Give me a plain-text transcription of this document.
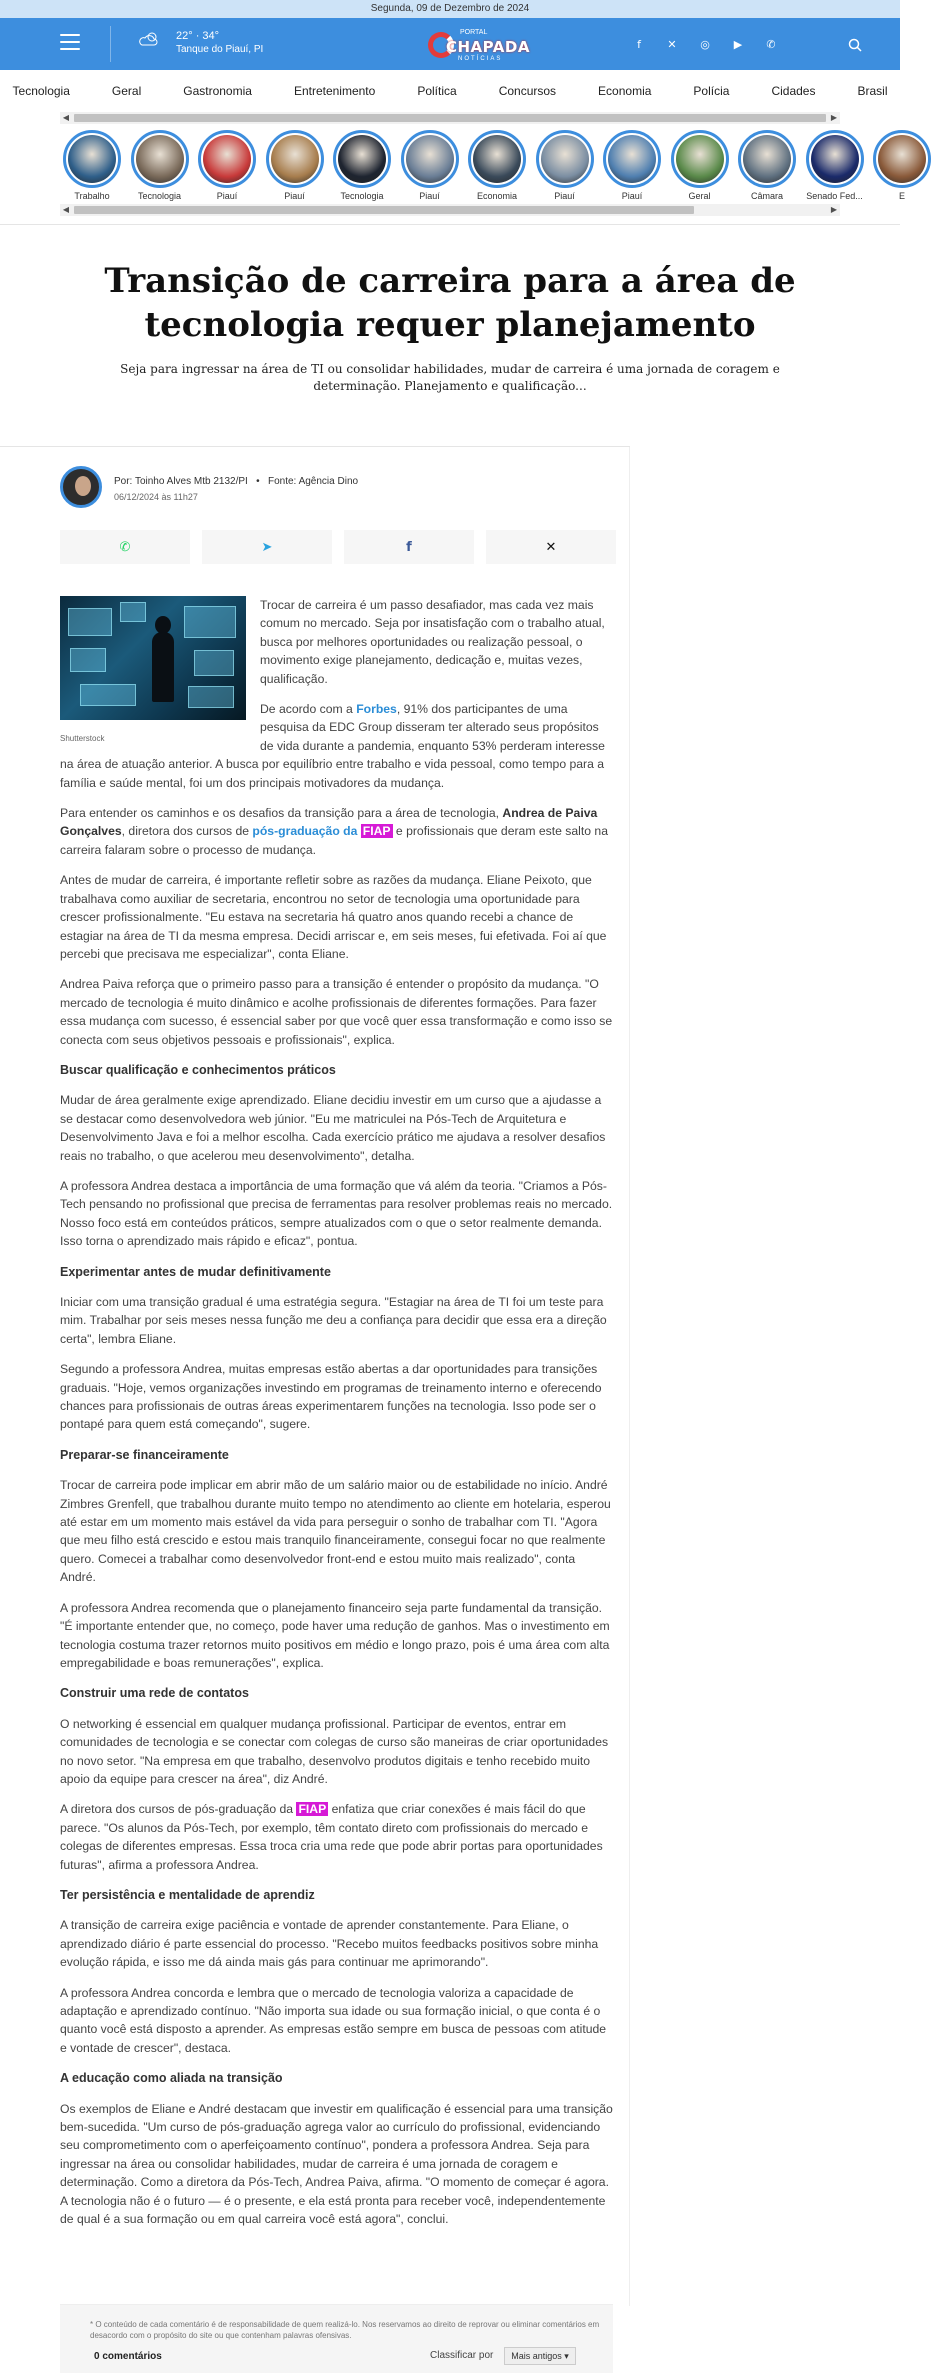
Segunda, 09 de Dezembro de 2024
22° · 34°
Tanque do Piauí, PI
PORTAL
CHAPADA
NOTÍCIAS
f	✕	◎	▶	✆
Tecnologia	Geral	Gastronomia	Entretenimento	Política	Concursos	Economia	Polícia	Cidades	Brasil
◀	▶
Trabalho	Tecnologia	Piauí	Piauí	Tecnologia	Piauí	Economia	Piauí	Piauí	Geral	Câmara	Senado Fed...	E
◀	▶
Transição de carreira para a área de tecnologia requer planejamento

Seja para ingressar na área de TI ou consolidar habilidades, mudar de carreira é uma jornada de coragem e determinação. Planejamento e qualificação...

Por: Toinho Alves Mtb 2132/PI   •   Fonte: Agência Dino
06/12/2024 às 11h27
✆	➤	f	✕
Shutterstock

Trocar de carreira é um passo desafiador, mas cada vez mais comum no mercado. Seja por insatisfação com o trabalho atual, busca por melhores oportunidades ou realização pessoal, o movimento exige planejamento, dedicação e, muitas vezes, qualificação.

De acordo com a Forbes, 91% dos participantes de uma pesquisa da EDC Group disseram ter alterado seus propósitos de vida durante a pandemia, enquanto 53% perderam interesse na área de atuação anterior. A busca por equilíbrio entre trabalho e vida pessoal, como tempo para a família e saúde mental, foi um dos principais motivadores da mudança.

Para entender os caminhos e os desafios da transição para a área de tecnologia, Andrea de Paiva Gonçalves, diretora dos cursos de pós-graduação da FIAP e profissionais que deram este salto na carreira falaram sobre o processo de mudança.

Antes de mudar de carreira, é importante refletir sobre as razões da mudança. Eliane Peixoto, que trabalhava como auxiliar de secretaria, encontrou no setor de tecnologia uma oportunidade para crescer profissionalmente. "Eu estava na secretaria há quatro anos quando recebi a chance de estagiar na área de TI da mesma empresa. Decidi arriscar e, em seis meses, fui efetivada. Foi aí que percebi que precisava me especializar", conta Eliane.

Andrea Paiva reforça que o primeiro passo para a transição é entender o propósito da mudança. "O mercado de tecnologia é muito dinâmico e acolhe profissionais de diferentes formações. Para fazer essa mudança com sucesso, é essencial saber por que você quer essa transformação e como isso se conecta com seus objetivos pessoais e profissionais", explica.

Buscar qualificação e conhecimentos práticos

Mudar de área geralmente exige aprendizado. Eliane decidiu investir em um curso que a ajudasse a se destacar como desenvolvedora web júnior. "Eu me matriculei na Pós-Tech de Arquitetura e Desenvolvimento Java e foi a melhor escolha. Cada exercício prático me ajudava a resolver desafios reais no trabalho, o que acelerou meu desenvolvimento", detalha.

A professora Andrea destaca a importância de uma formação que vá além da teoria. "Criamos a Pós-Tech pensando no profissional que precisa de ferramentas para resolver problemas reais no mercado. Nosso foco está em conteúdos práticos, sempre atualizados com o que o setor realmente demanda. Isso torna o aprendizado mais rápido e eficaz", pontua.

Experimentar antes de mudar definitivamente

Iniciar com uma transição gradual é uma estratégia segura. "Estagiar na área de TI foi um teste para mim. Trabalhar por seis meses nessa função me deu a confiança para decidir que essa era a direção certa", lembra Eliane.

Segundo a professora Andrea, muitas empresas estão abertas a dar oportunidades para transições graduais. "Hoje, vemos organizações investindo em programas de treinamento interno e oferecendo chances para profissionais de outras áreas experimentarem funções na tecnologia. Isso pode ser o pontapé para quem está começando", sugere.

Preparar-se financeiramente

Trocar de carreira pode implicar em abrir mão de um salário maior ou de estabilidade no início. André Zimbres Grenfell, que trabalhou durante muito tempo no atendimento ao cliente em hotelaria, esperou até estar em um momento mais estável da vida para perseguir o sonho de trabalhar com TI. "Agora que meu filho está crescido e estou mais tranquilo financeiramente, consegui focar no que realmente quero. Comecei a trabalhar como desenvolvedor front-end e estou muito mais realizado", conta André.

A professora Andrea recomenda que o planejamento financeiro seja parte fundamental da transição. "É importante entender que, no começo, pode haver uma redução de ganhos. Mas o investimento em tecnologia costuma trazer retornos muito positivos em médio e longo prazo, pois é uma área com alta empregabilidade e boas remunerações", explica.

Construir uma rede de contatos

O networking é essencial em qualquer mudança profissional. Participar de eventos, entrar em comunidades de tecnologia e se conectar com colegas de curso são maneiras de criar oportunidades no novo setor. "Na empresa em que trabalho, desenvolvo produtos digitais e tenho recebido muito apoio da equipe para crescer na área", diz André.

A diretora dos cursos de pós-graduação da FIAP enfatiza que criar conexões é mais fácil do que parece. "Os alunos da Pós-Tech, por exemplo, têm contato direto com profissionais do mercado e colegas de diferentes empresas. Essa troca cria uma rede que pode abrir portas para oportunidades futuras", afirma a professora Andrea.

Ter persistência e mentalidade de aprendiz

A transição de carreira exige paciência e vontade de aprender constantemente. Para Eliane, o aprendizado diário é parte essencial do processo. "Recebo muitos feedbacks positivos sobre minha evolução rápida, e isso me dá ainda mais gás para continuar me aprimorando".

A professora Andrea concorda e lembra que o mercado de tecnologia valoriza a capacidade de adaptação e aprendizado contínuo. "Não importa sua idade ou sua formação inicial, o que conta é o quanto você está disposto a aprender. As empresas estão sempre em busca de pessoas com atitude e vontade de crescer", destaca.

A educação como aliada na transição

Os exemplos de Eliane e André destacam que investir em qualificação é essencial para uma transição bem-sucedida. "Um curso de pós-graduação agrega valor ao currículo do profissional, evidenciando seu comprometimento com o aperfeiçoamento contínuo", pondera a professora Andrea. Seja para ingressar na área ou consolidar habilidades, mudar de carreira é uma jornada de coragem e determinação. Como a diretora da Pós-Tech, Andrea Paiva, afirma. "O momento de começar é agora. A tecnologia não é o futuro — é o presente, e ela está pronta para receber você, independentemente de qual é a sua formação ou em qual carreira você está agora", conclui.

* O conteúdo de cada comentário é de responsabilidade de quem realizá-lo. Nos reservamos ao direito de reprovar ou eliminar comentários em desacordo com o propósito do site ou que contenham palavras ofensivas.
0 comentários	Classificar por	Mais antigos ▾
